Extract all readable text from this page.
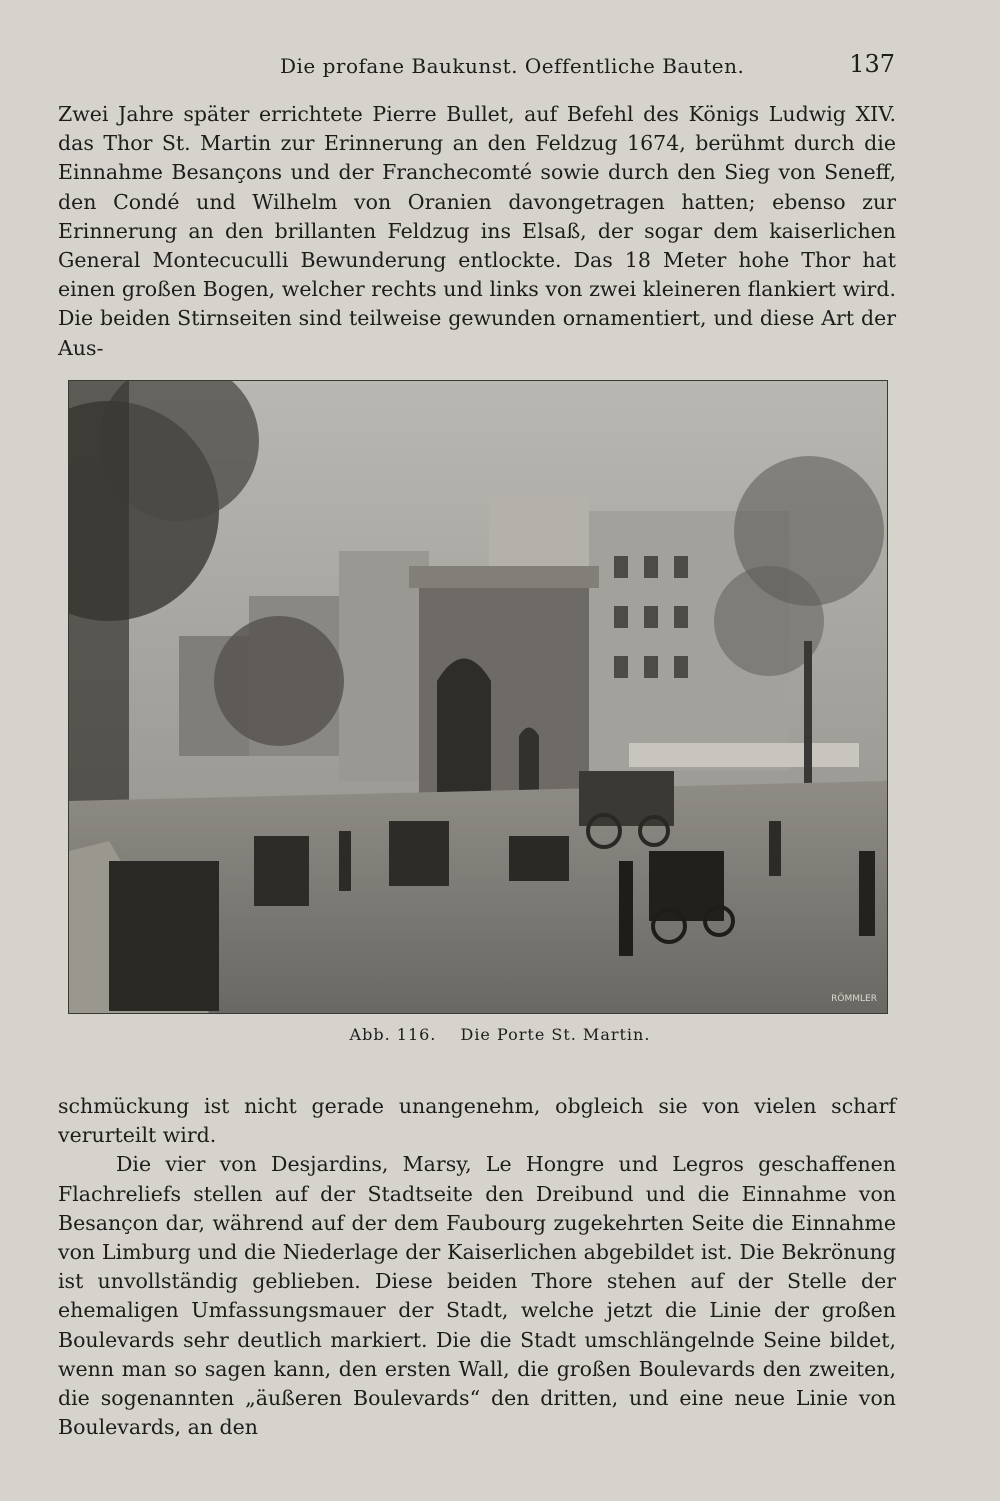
Die profane Baukunst. Oeffentliche Bauten.	137

Zwei Jahre später errichtete Pierre Bullet, auf Befehl des Königs Ludwig XIV. das Thor St. Martin zur Erinnerung an den Feldzug 1674, berühmt durch die Einnahme Besançons und der Franchecomté sowie durch den Sieg von Seneff, den Condé und Wilhelm von Oranien davongetragen hatten; ebenso zur Erinnerung an den brillanten Feldzug ins Elsaß, der sogar dem kaiserlichen General Montecuculli Bewunderung entlockte. Das 18 Meter hohe Thor hat einen großen Bogen, welcher rechts und links von zwei kleineren flankiert wird. Die beiden Stirnseiten sind teilweise gewunden ornamentiert, und diese Art der Aus-

RÖMMLER
Abb. 116. Die Porte St. Martin.

schmückung ist nicht gerade unangenehm, obgleich sie von vielen scharf verurteilt wird.

Die vier von Desjardins, Marsy, Le Hongre und Legros geschaffenen Flachreliefs stellen auf der Stadtseite den Dreibund und die Einnahme von Besançon dar, während auf der dem Faubourg zugekehrten Seite die Einnahme von Limburg und die Niederlage der Kaiserlichen abgebildet ist. Die Bekrönung ist unvollständig geblieben. Diese beiden Thore stehen auf der Stelle der ehemaligen Umfassungsmauer der Stadt, welche jetzt die Linie der großen Boulevards sehr deutlich markiert. Die die Stadt umschlängelnde Seine bildet, wenn man so sagen kann, den ersten Wall, die großen Boulevards den zweiten, die sogenannten „äußeren Boulevards“ den dritten, und eine neue Linie von Boulevards, an den
